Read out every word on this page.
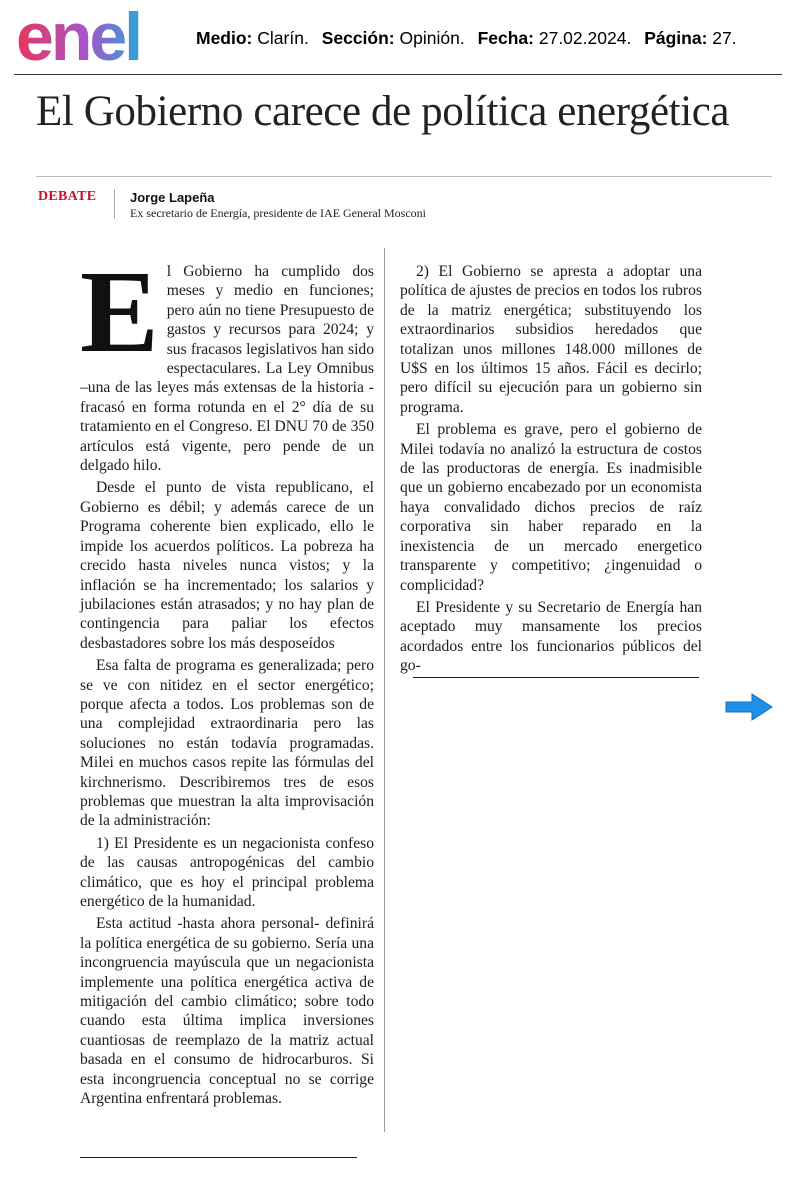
enel	Medio: Clarín. Sección: Opinión. Fecha: 27.02.2024. Página: 27.
El Gobierno carece de política energética
DEBATE	Jorge Lapeña
Ex secretario de Energía, presidente de IAE General Mosconi

El Gobierno ha cumplido dos meses y medio en funciones; pero aún no tiene Presupuesto de gastos y recursos para 2024; y sus fracasos legislativos han sido espectaculares. La Ley Omnibus –una de las leyes más extensas de la historia - fracasó en forma rotunda en el 2° día de su tratamiento en el Congreso. El DNU 70 de 350 artículos está vigente, pero pende de un delgado hilo.

Desde el punto de vista republicano, el Gobierno es débil; y además carece de un Programa coherente bien explicado, ello le impide los acuerdos políticos. La pobreza ha crecido hasta niveles nunca vistos; y la inflación se ha incrementado; los salarios y jubilaciones están atrasados; y no hay plan de contingencia para paliar los efectos desbastadores sobre los más desposeídos

Esa falta de programa es generalizada; pero se ve con nitidez en el sector energético; porque afecta a todos. Los problemas son de una complejidad extraordinaria pero las soluciones no están todavía programadas. Milei en muchos casos repite las fórmulas del kirchnerismo. Describiremos tres de esos problemas que muestran la alta improvisación de la administración:

1) El Presidente es un negacionista confeso de las causas antropogénicas del cambio climático, que es hoy el principal problema energético de la humanidad.

Esta actitud -hasta ahora personal- definirá la política energética de su gobierno. Sería una incongruencia mayúscula que un negacionista implemente una política energética activa de mitigación del cambio climático; sobre todo cuando esta última implica inversiones cuantiosas de reemplazo de la matriz actual basada en el consumo de hidrocarburos. Si esta incongruencia conceptual no se corrige Argentina enfrentará problemas.

2) El Gobierno se apresta a adoptar una política de ajustes de precios en todos los rubros de la matriz energética; substituyendo los extraordinarios subsidios heredados que totalizan unos millones 148.000 millones de U$S en los últimos 15 años. Fácil es decirlo; pero difícil su ejecución para un gobierno sin programa.

El problema es grave, pero el gobierno de Milei todavía no analizó la estructura de costos de las productoras de energía. Es inadmisible que un gobierno encabezado por un economista haya convalidado dichos precios de raíz corporativa sin haber reparado en la inexistencia de un mercado energetico transparente y competitivo; ¿ingenuidad o complicidad?

El Presidente y su Secretario de Energía han aceptado muy mansamente los precios acordados entre los funcionarios públicos del go-
